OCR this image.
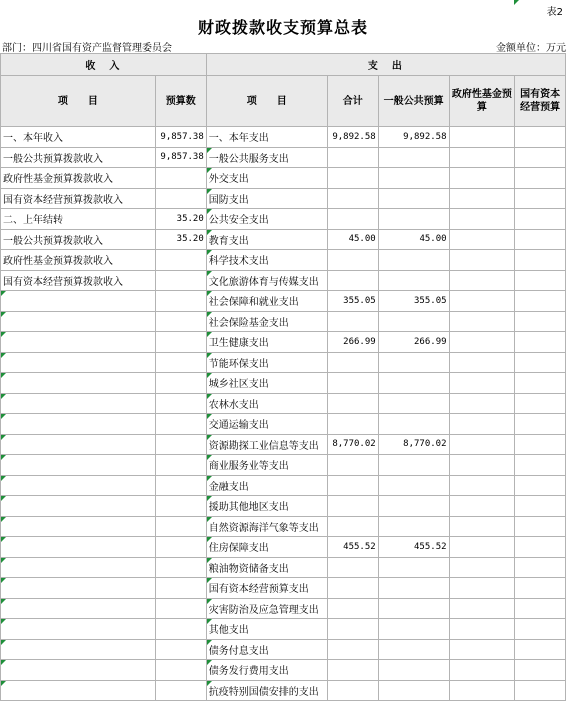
表2
财政拨款收支预算总表
部门：四川省国有资产监督管理委员会	金额单位：万元
收　入		支　出				
项　　目	预算数	项　　目	合计	一般公共预算	政府性基金预算	国有资本经营预算
一、本年收入	9,857.38	一、本年支出	9,892.58	9,892.58		
一般公共预算拨款收入	9,857.38	一般公共服务支出				
政府性基金预算拨款收入		外交支出				
国有资本经营预算拨款收入		国防支出				
二、上年结转	35.20	公共安全支出				
一般公共预算拨款收入	35.20	教育支出	45.00	45.00		
政府性基金预算拨款收入		科学技术支出				
国有资本经营预算拨款收入		文化旅游体育与传媒支出				
		社会保障和就业支出	355.05	355.05		
		社会保险基金支出				
		卫生健康支出	266.99	266.99		
		节能环保支出				
		城乡社区支出				
		农林水支出				
		交通运输支出				
		资源勘探工业信息等支出	8,770.02	8,770.02		
		商业服务业等支出				
		金融支出				
		援助其他地区支出				
		自然资源海洋气象等支出				
		住房保障支出	455.52	455.52		
		粮油物资储备支出				
		国有资本经营预算支出				
		灾害防治及应急管理支出				
		其他支出				
		债务付息支出				
		债务发行费用支出				
		抗疫特别国债安排的支出				
